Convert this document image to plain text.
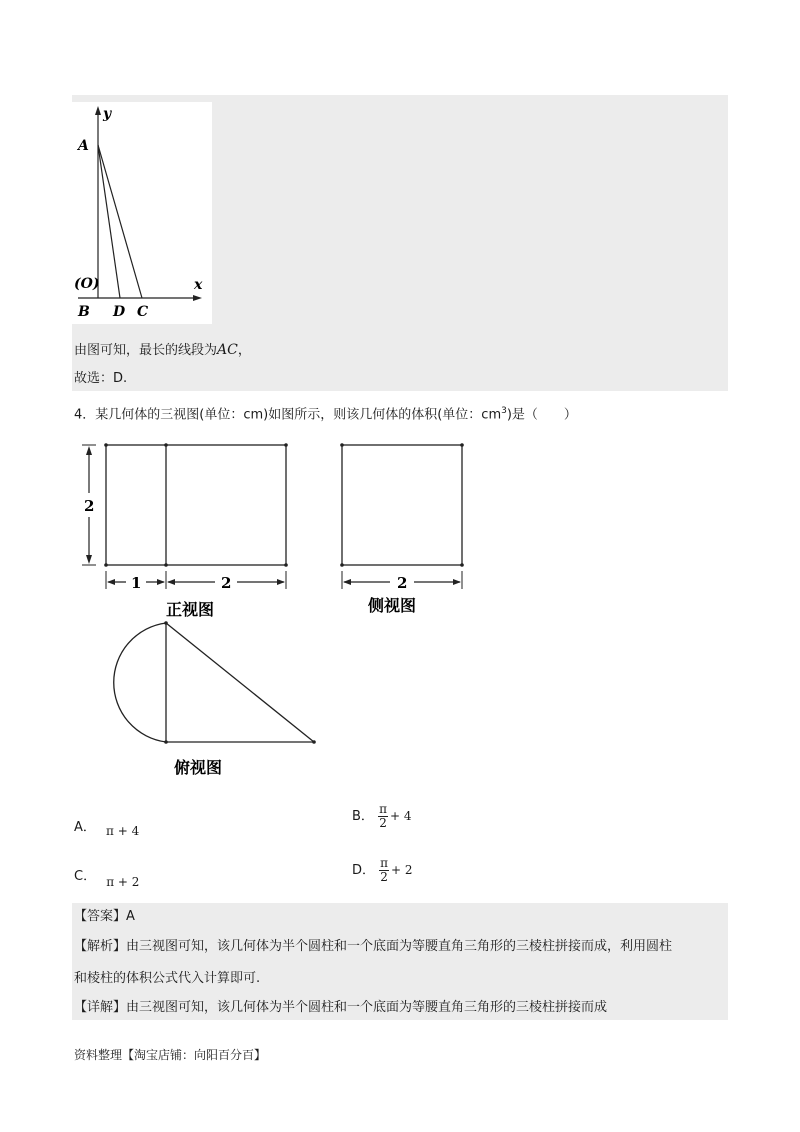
y
A
(O)	x
B D C
由图可知，最长的线段为AC，
故选：D.
4．某几何体的三视图(单位：cm)如图所示，则该几何体的体积(单位：$cm^3$)是（　　）
2
1	2
正视图
2
侧视图
俯视图
A． π + 4
B． $\frac{\pi}{2} + 4$
C． π + 2
D． $\frac{\pi}{2} + 2$
【答案】A
【解析】由三视图可知，该几何体为半个圆柱和一个底面为等腰直角三角形的三棱柱拼接而成，利用圆柱
和棱柱的体积公式代入计算即可.
【详解】由三视图可知，该几何体为半个圆柱和一个底面为等腰直角三角形的三棱柱拼接而成
资料整理【淘宝店铺：向阳百分百】
